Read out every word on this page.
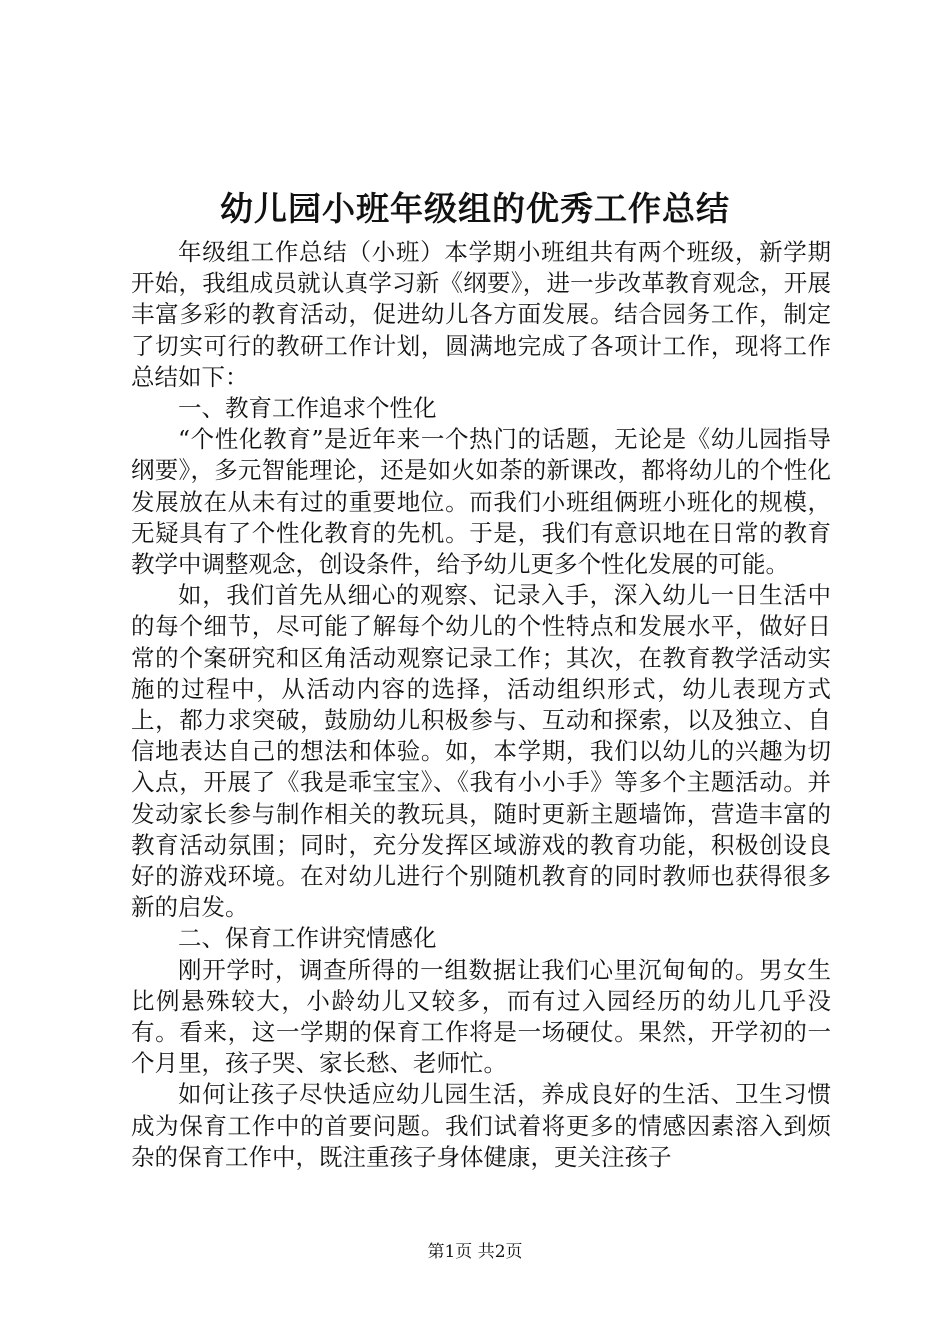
幼儿园小班年级组的优秀工作总结

年级组工作总结（小班）本学期小班组共有两个班级，新学期开始，我组成员就认真学习新《纲要》，进一步改革教育观念，开展丰富多彩的教育活动，促进幼儿各方面发展。结合园务工作，制定了切实可行的教研工作计划，圆满地完成了各项计工作，现将工作总结如下：

一、教育工作追求个性化

“个性化教育”是近年来一个热门的话题，无论是《幼儿园指导纲要》，多元智能理论，还是如火如荼的新课改，都将幼儿的个性化发展放在从未有过的重要地位。而我们小班组俩班小班化的规模，无疑具有了个性化教育的先机。于是，我们有意识地在日常的教育教学中调整观念，创设条件，给予幼儿更多个性化发展的可能。

如，我们首先从细心的观察、记录入手，深入幼儿一日生活中的每个细节，尽可能了解每个幼儿的个性特点和发展水平，做好日常的个案研究和区角活动观察记录工作；其次，在教育教学活动实施的过程中，从活动内容的选择，活动组织形式，幼儿表现方式上，都力求突破，鼓励幼儿积极参与、互动和探索，以及独立、自信地表达自己的想法和体验。如，本学期，我们以幼儿的兴趣为切入点，开展了《我是乖宝宝》、《我有小小手》等多个主题活动。并发动家长参与制作相关的教玩具，随时更新主题墙饰，营造丰富的教育活动氛围；同时，充分发挥区域游戏的教育功能，积极创设良好的游戏环境。在对幼儿进行个别随机教育的同时教师也获得很多新的启发。

二、保育工作讲究情感化

刚开学时，调查所得的一组数据让我们心里沉甸甸的。男女生比例悬殊较大，小龄幼儿又较多，而有过入园经历的幼儿几乎没有。看来，这一学期的保育工作将是一场硬仗。果然，开学初的一个月里，孩子哭、家长愁、老师忙。

如何让孩子尽快适应幼儿园生活，养成良好的生活、卫生习惯成为保育工作中的首要问题。我们试着将更多的情感因素溶入到烦杂的保育工作中，既注重孩子身体健康，更关注孩子

第1页 共2页
